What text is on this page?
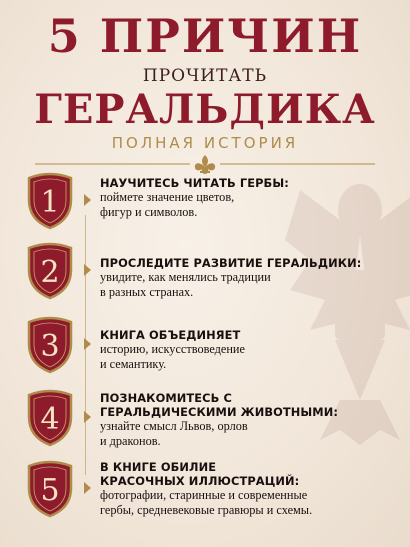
5 ПРИЧИН
ПРОЧИТАТЬ
ГЕРАЛЬДИКА
ПОЛНАЯ ИСТОРИЯ
1
НАУЧИТЕСЬ ЧИТАТЬ ГЕРБЫ:
поймете значение цветов,
фигур и символов.
2	ПРОСЛЕДИТЕ РАЗВИТИЕ ГЕРАЛЬДИКИ:
увидите, как менялись традиции
в разных странах.
3	КНИГА ОБЪЕДИНЯЕТ
историю, искусствоведение
и семантику.
4
ПОЗНАКОМИТЕСЬ С
ГЕРАЛЬДИЧЕСКИМИ ЖИВОТНЫМИ:
узнайте смысл Львов, орлов
и драконов.
5
В КНИГЕ ОБИЛИЕ
КРАСОЧНЫХ ИЛЛЮСТРАЦИЙ:
фотографии, старинные и современные
гербы, средневековые гравюры и схемы.
